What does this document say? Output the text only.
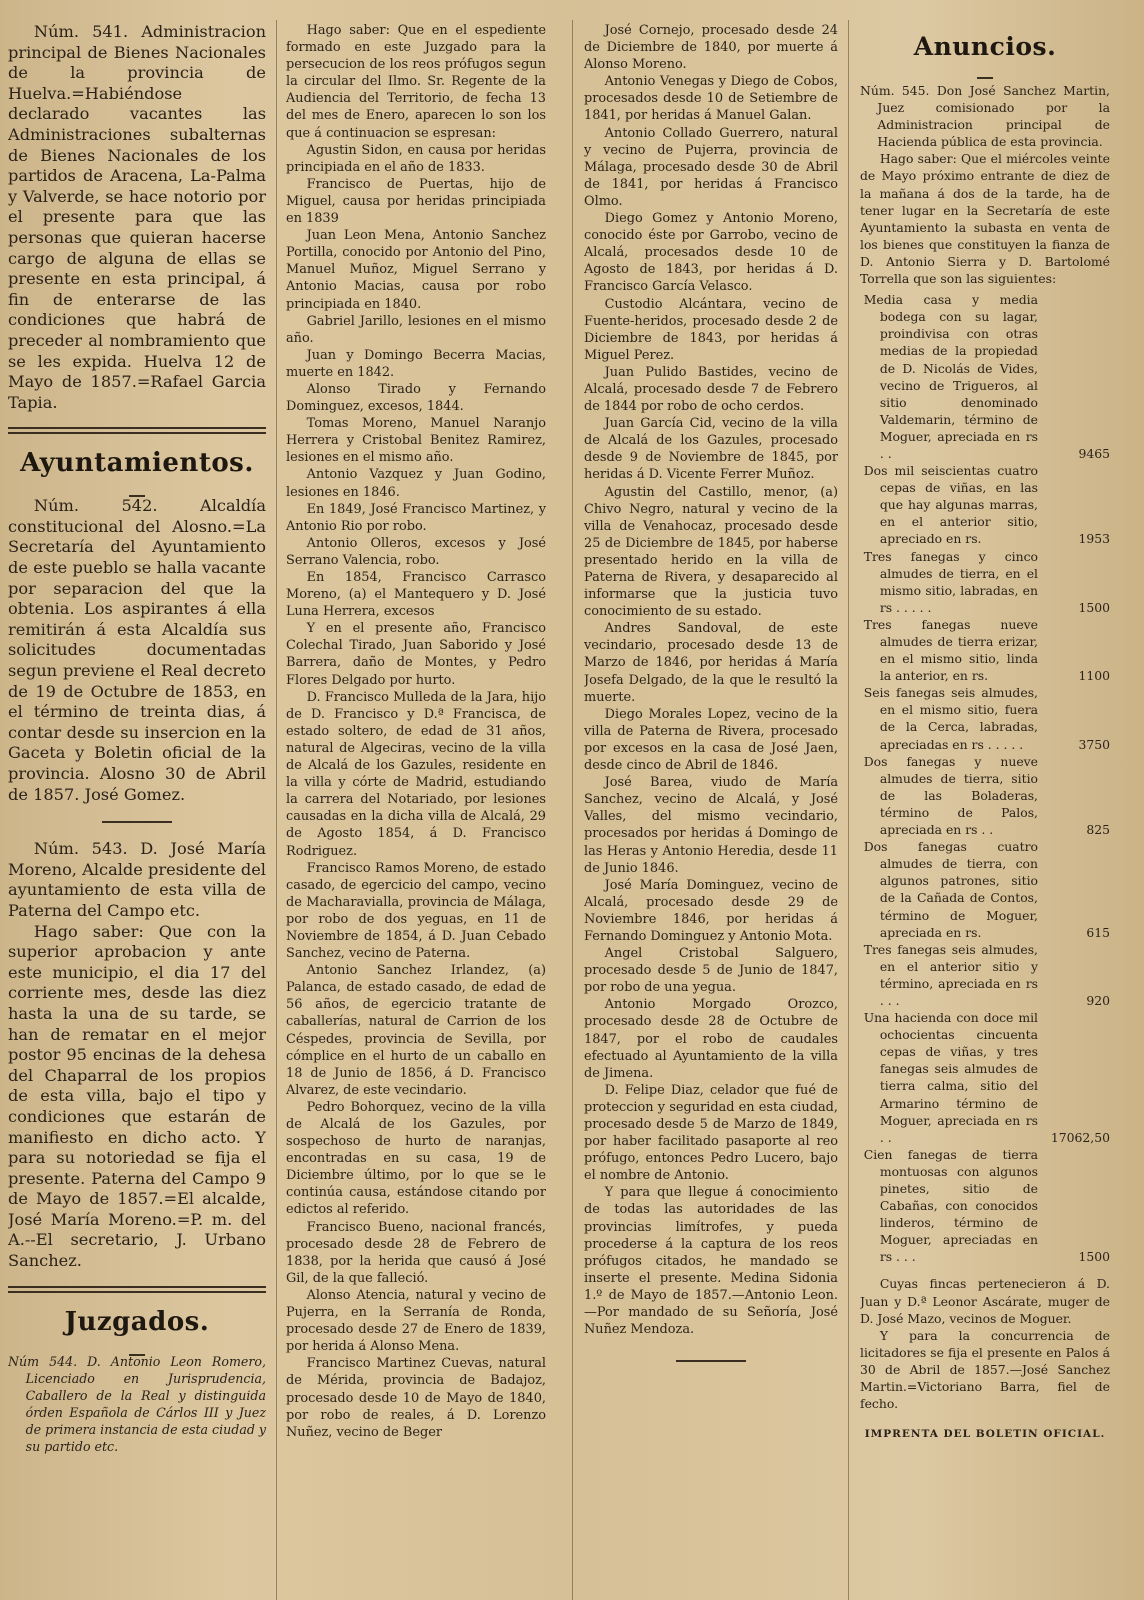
Núm. 541. Administracion principal de Bienes Nacionales de la provincia de Huelva.=Habiéndose declarado vacantes las Administraciones subalternas de Bienes Nacionales de los partidos de Aracena, La-Palma y Valverde, se hace notorio por el presente para que las personas que quieran hacerse cargo de alguna de ellas se presente en esta principal, á fin de enterarse de las condiciones que habrá de preceder al nombramiento que se les expida. Huelva 12 de Mayo de 1857.=Rafael Garcia Tapia.

Ayuntamientos.

Núm. 542. Alcaldía constitucional del Alosno.=La Secretaría del Ayuntamiento de este pueblo se halla vacante por separacion del que la obtenia. Los aspirantes á ella remitirán á esta Alcaldía sus solicitudes documentadas segun previene el Real decreto de 19 de Octubre de 1853, en el término de treinta dias, á contar desde su insercion en la Gaceta y Boletin oficial de la provincia. Alosno 30 de Abril de 1857. José Gomez.

Núm. 543. D. José María Moreno, Alcalde presidente del ayuntamiento de esta villa de Paterna del Campo etc.

Hago saber: Que con la superior aprobacion y ante este municipio, el dia 17 del corriente mes, desde las diez hasta la una de su tarde, se han de rematar en el mejor postor 95 encinas de la dehesa del Chaparral de los propios de esta villa, bajo el tipo y condiciones que estarán de manifiesto en dicho acto. Y para su notoriedad se fija el presente. Paterna del Campo 9 de Mayo de 1857.=El alcalde, José María Moreno.=P. m. del A.--El secretario, J. Urbano Sanchez.

Juzgados.

Núm 544. D. Antonio Leon Romero, Licenciado en Jurisprudencia, Caballero de la Real y distinguida órden Española de Cárlos III y Juez de primera instancia de esta ciudad y su partido etc.

Hago saber: Que en el espediente formado en este Juzgado para la persecucion de los reos prófugos segun la circular del Ilmo. Sr. Regente de la Audiencia del Territorio, de fecha 13 del mes de Enero, aparecen lo son los que á continuacion se espresan:

Agustin Sidon, en causa por heridas principiada en el año de 1833.

Francisco de Puertas, hijo de Miguel, causa por heridas principiada en 1839

Juan Leon Mena, Antonio Sanchez Portilla, conocido por Antonio del Pino, Manuel Muñoz, Miguel Serrano y Antonio Macias, causa por robo principiada en 1840.

Gabriel Jarillo, lesiones en el mismo año.

Juan y Domingo Becerra Macias, muerte en 1842.

Alonso Tirado y Fernando Dominguez, excesos, 1844.

Tomas Moreno, Manuel Naranjo Herrera y Cristobal Benitez Ramirez, lesiones en el mismo año.

Antonio Vazquez y Juan Godino, lesiones en 1846.

En 1849, José Francisco Martinez, y Antonio Rio por robo.

Antonio Olleros, excesos y José Serrano Valencia, robo.

En 1854, Francisco Carrasco Moreno, (a) el Mantequero y D. José Luna Herrera, excesos

Y en el presente año, Francisco Colechal Tirado, Juan Saborido y José Barrera, daño de Montes, y Pedro Flores Delgado por hurto.

D. Francisco Mulleda de la Jara, hijo de D. Francisco y D.ª Francisca, de estado soltero, de edad de 31 años, natural de Algeciras, vecino de la villa de Alcalá de los Gazules, residente en la villa y córte de Madrid, estudiando la carrera del Notariado, por lesiones causadas en la dicha villa de Alcalá, 29 de Agosto 1854, á D. Francisco Rodriguez.

Francisco Ramos Moreno, de estado casado, de egercicio del campo, vecino de Macharavialla, provincia de Málaga, por robo de dos yeguas, en 11 de Noviembre de 1854, á D. Juan Cebado Sanchez, vecino de Paterna.

Antonio Sanchez Irlandez, (a) Palanca, de estado casado, de edad de 56 años, de egercicio tratante de caballerías, natural de Carrion de los Céspedes, provincia de Sevilla, por cómplice en el hurto de un caballo en 18 de Junio de 1856, á D. Francisco Alvarez, de este vecindario.

Pedro Bohorquez, vecino de la villa de Alcalá de los Gazules, por sospechoso de hurto de naranjas, encontradas en su casa, 19 de Diciembre último, por lo que se le continúa causa, estándose citando por edictos al referido.

Francisco Bueno, nacional francés, procesado desde 28 de Febrero de 1838, por la herida que causó á José Gil, de la que falleció.

Alonso Atencia, natural y vecino de Pujerra, en la Serranía de Ronda, procesado desde 27 de Enero de 1839, por herida á Alonso Mena.

Francisco Martinez Cuevas, natural de Mérida, provincia de Badajoz, procesado desde 10 de Mayo de 1840, por robo de reales, á D. Lorenzo Nuñez, vecino de Beger

José Cornejo, procesado desde 24 de Diciembre de 1840, por muerte á Alonso Moreno.

Antonio Venegas y Diego de Cobos, procesados desde 10 de Setiembre de 1841, por heridas á Manuel Galan.

Antonio Collado Guerrero, natural y vecino de Pujerra, provincia de Málaga, procesado desde 30 de Abril de 1841, por heridas á Francisco Olmo.

Diego Gomez y Antonio Moreno, conocido éste por Garrobo, vecino de Alcalá, procesados desde 10 de Agosto de 1843, por heridas á D. Francisco García Velasco.

Custodio Alcántara, vecino de Fuente-heridos, procesado desde 2 de Diciembre de 1843, por heridas á Miguel Perez.

Juan Pulido Bastides, vecino de Alcalá, procesado desde 7 de Febrero de 1844 por robo de ocho cerdos.

Juan García Cid, vecino de la villa de Alcalá de los Gazules, procesado desde 9 de Noviembre de 1845, por heridas á D. Vicente Ferrer Muñoz.

Agustin del Castillo, menor, (a) Chivo Negro, natural y vecino de la villa de Venahocaz, procesado desde 25 de Diciembre de 1845, por haberse presentado herido en la villa de Paterna de Rivera, y desaparecido al informarse que la justicia tuvo conocimiento de su estado.

Andres Sandoval, de este vecindario, procesado desde 13 de Marzo de 1846, por heridas á María Josefa Delgado, de la que le resultó la muerte.

Diego Morales Lopez, vecino de la villa de Paterna de Rivera, procesado por excesos en la casa de José Jaen, desde cinco de Abril de 1846.

José Barea, viudo de María Sanchez, vecino de Alcalá, y José Valles, del mismo vecindario, procesados por heridas á Domingo de las Heras y Antonio Heredia, desde 11 de Junio 1846.

José María Dominguez, vecino de Alcalá, procesado desde 29 de Noviembre 1846, por heridas á Fernando Dominguez y Antonio Mota.

Angel Cristobal Salguero, procesado desde 5 de Junio de 1847, por robo de una yegua.

Antonio Morgado Orozco, procesado desde 28 de Octubre de 1847, por el robo de caudales efectuado al Ayuntamiento de la villa de Jimena.

D. Felipe Diaz, celador que fué de proteccion y seguridad en esta ciudad, procesado desde 5 de Marzo de 1849, por haber facilitado pasaporte al reo prófugo, entonces Pedro Lucero, bajo el nombre de Antonio.

Y para que llegue á conocimiento de todas las autoridades de las provincias limítrofes, y pueda procederse á la captura de los reos prófugos citados, he mandado se inserte el presente. Medina Sidonia 1.º de Mayo de 1857.—Antonio Leon.—Por mandado de su Señoría, José Nuñez Mendoza.

Anuncios.

Núm. 545. Don José Sanchez Martin, Juez comisionado por la Administracion principal de Hacienda pública de esta provincia.

Hago saber: Que el miércoles veinte de Mayo próximo entrante de diez de la mañana á dos de la tarde, ha de tener lugar en la Secretaría de este Ayuntamiento la subasta en venta de los bienes que constituyen la fianza de D. Antonio Sierra y D. Bartolomé Torrella que son las siguientes:

Media casa y media bodega con su lagar, proindivisa con otras medias de la propiedad de D. Nicolás de Vides, vecino de Trigueros, al sitio denominado Valdemarin, término de Moguer, apreciada en rs . .	9465
Dos mil seiscientas cuatro cepas de viñas, en las que hay algunas marras, en el anterior sitio, apreciado en rs.	1953
Tres fanegas y cinco almudes de tierra, en el mismo sitio, labradas, en rs . . . . .	1500
Tres fanegas nueve almudes de tierra erizar, en el mismo sitio, linda la anterior, en rs.	1100
Seis fanegas seis almudes, en el mismo sitio, fuera de la Cerca, labradas, apreciadas en rs . . . . .	3750
Dos fanegas y nueve almudes de tierra, sitio de las Boladeras, término de Palos, apreciada en rs . .	825
Dos fanegas cuatro almudes de tierra, con algunos patrones, sitio de la Cañada de Contos, término de Moguer, apreciada en rs.	615
Tres fanegas seis almudes, en el anterior sitio y término, apreciada en rs . . .	920
Una hacienda con doce mil ochocientas cincuenta cepas de viñas, y tres fanegas seis almudes de tierra calma, sitio del Armarino término de Moguer, apreciada en rs . .	17062,50
Cien fanegas de tierra montuosas con algunos pinetes, sitio de Cabañas, con conocidos linderos, término de Moguer, apreciadas en rs . . .	1500

Cuyas fincas pertenecieron á D. Juan y D.ª Leonor Ascárate, muger de D. José Mazo, vecinos de Moguer.

Y para la concurrencia de licitadores se fija el presente en Palos á 30 de Abril de 1857.—José Sanchez Martin.=Victoriano Barra, fiel de fecho.

IMPRENTA DEL BOLETIN OFICIAL.
